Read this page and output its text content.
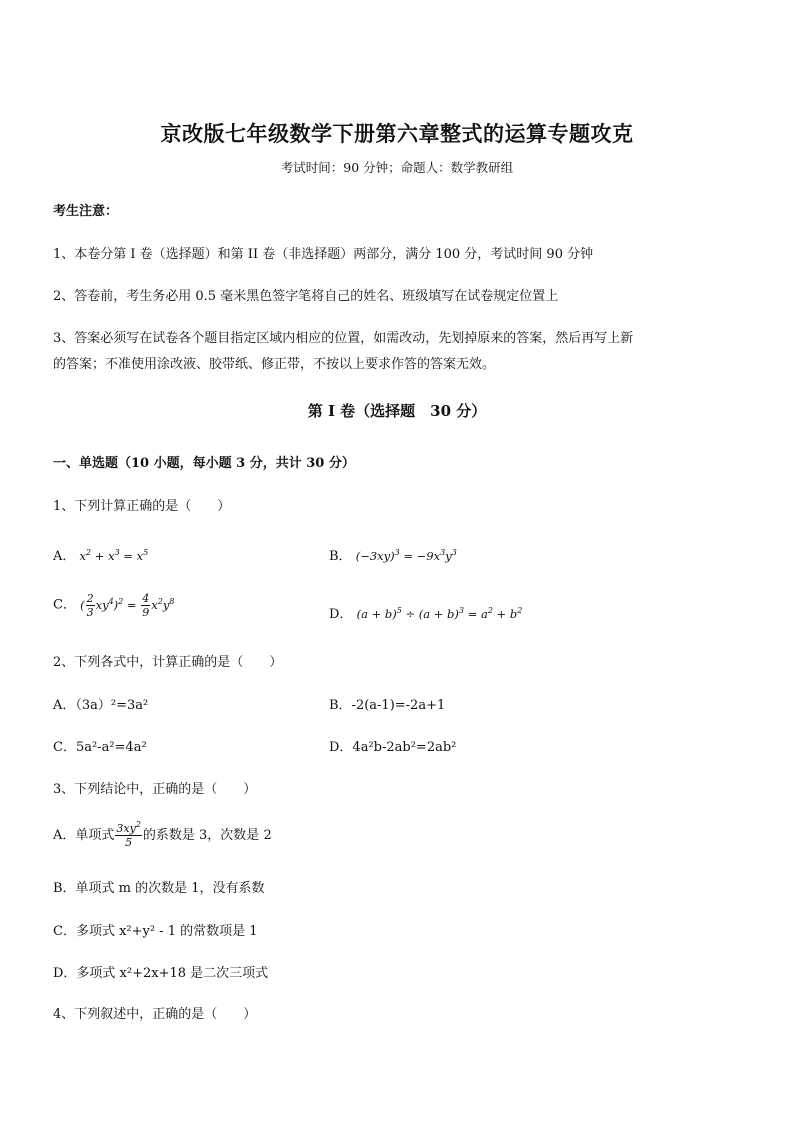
京改版七年级数学下册第六章整式的运算专题攻克
考试时间：90 分钟；命题人：数学教研组
考生注意：
1、本卷分第 I 卷（选择题）和第 II 卷（非选择题）两部分，满分 100 分，考试时间 90 分钟
2、答卷前，考生务必用 0.5 毫米黑色签字笔将自己的姓名、班级填写在试卷规定位置上
3、答案必须写在试卷各个题目指定区域内相应的位置，如需改动，先划掉原来的答案，然后再写上新
的答案；不准使用涂改液、胶带纸、修正带，不按以上要求作答的答案无效。
第 I 卷（选择题　30 分）
一、单选题（10 小题，每小题 3 分，共计 30 分）
1、下列计算正确的是（　　）
A． $x^2 + x^3 = x^5$	B． $(-3xy)^3 = -9x^3y^3$
C． ( $\frac{2}{3} xy^4)^2 = \frac{4}{9} x^2y^8$
D． $(a + b)^5 \div (a + b)^3 = a^2 + b^2$
2、下列各式中，计算正确的是（　　）
A．（3a）²=3a²	B．-2(a-1)=-2a+1
C．5a²-a²=4a²	D．4a²b-2ab²=2ab²
3、下列结论中，正确的是（　　）
A．单项式 $\frac{3xy^2}{5}$ 的系数是 3，次数是 2
B．单项式 m 的次数是 1，没有系数
C．多项式 x²+y² - 1 的常数项是 1
D．多项式 x²+2x+18 是二次三项式
4、下列叙述中，正确的是（　　）
